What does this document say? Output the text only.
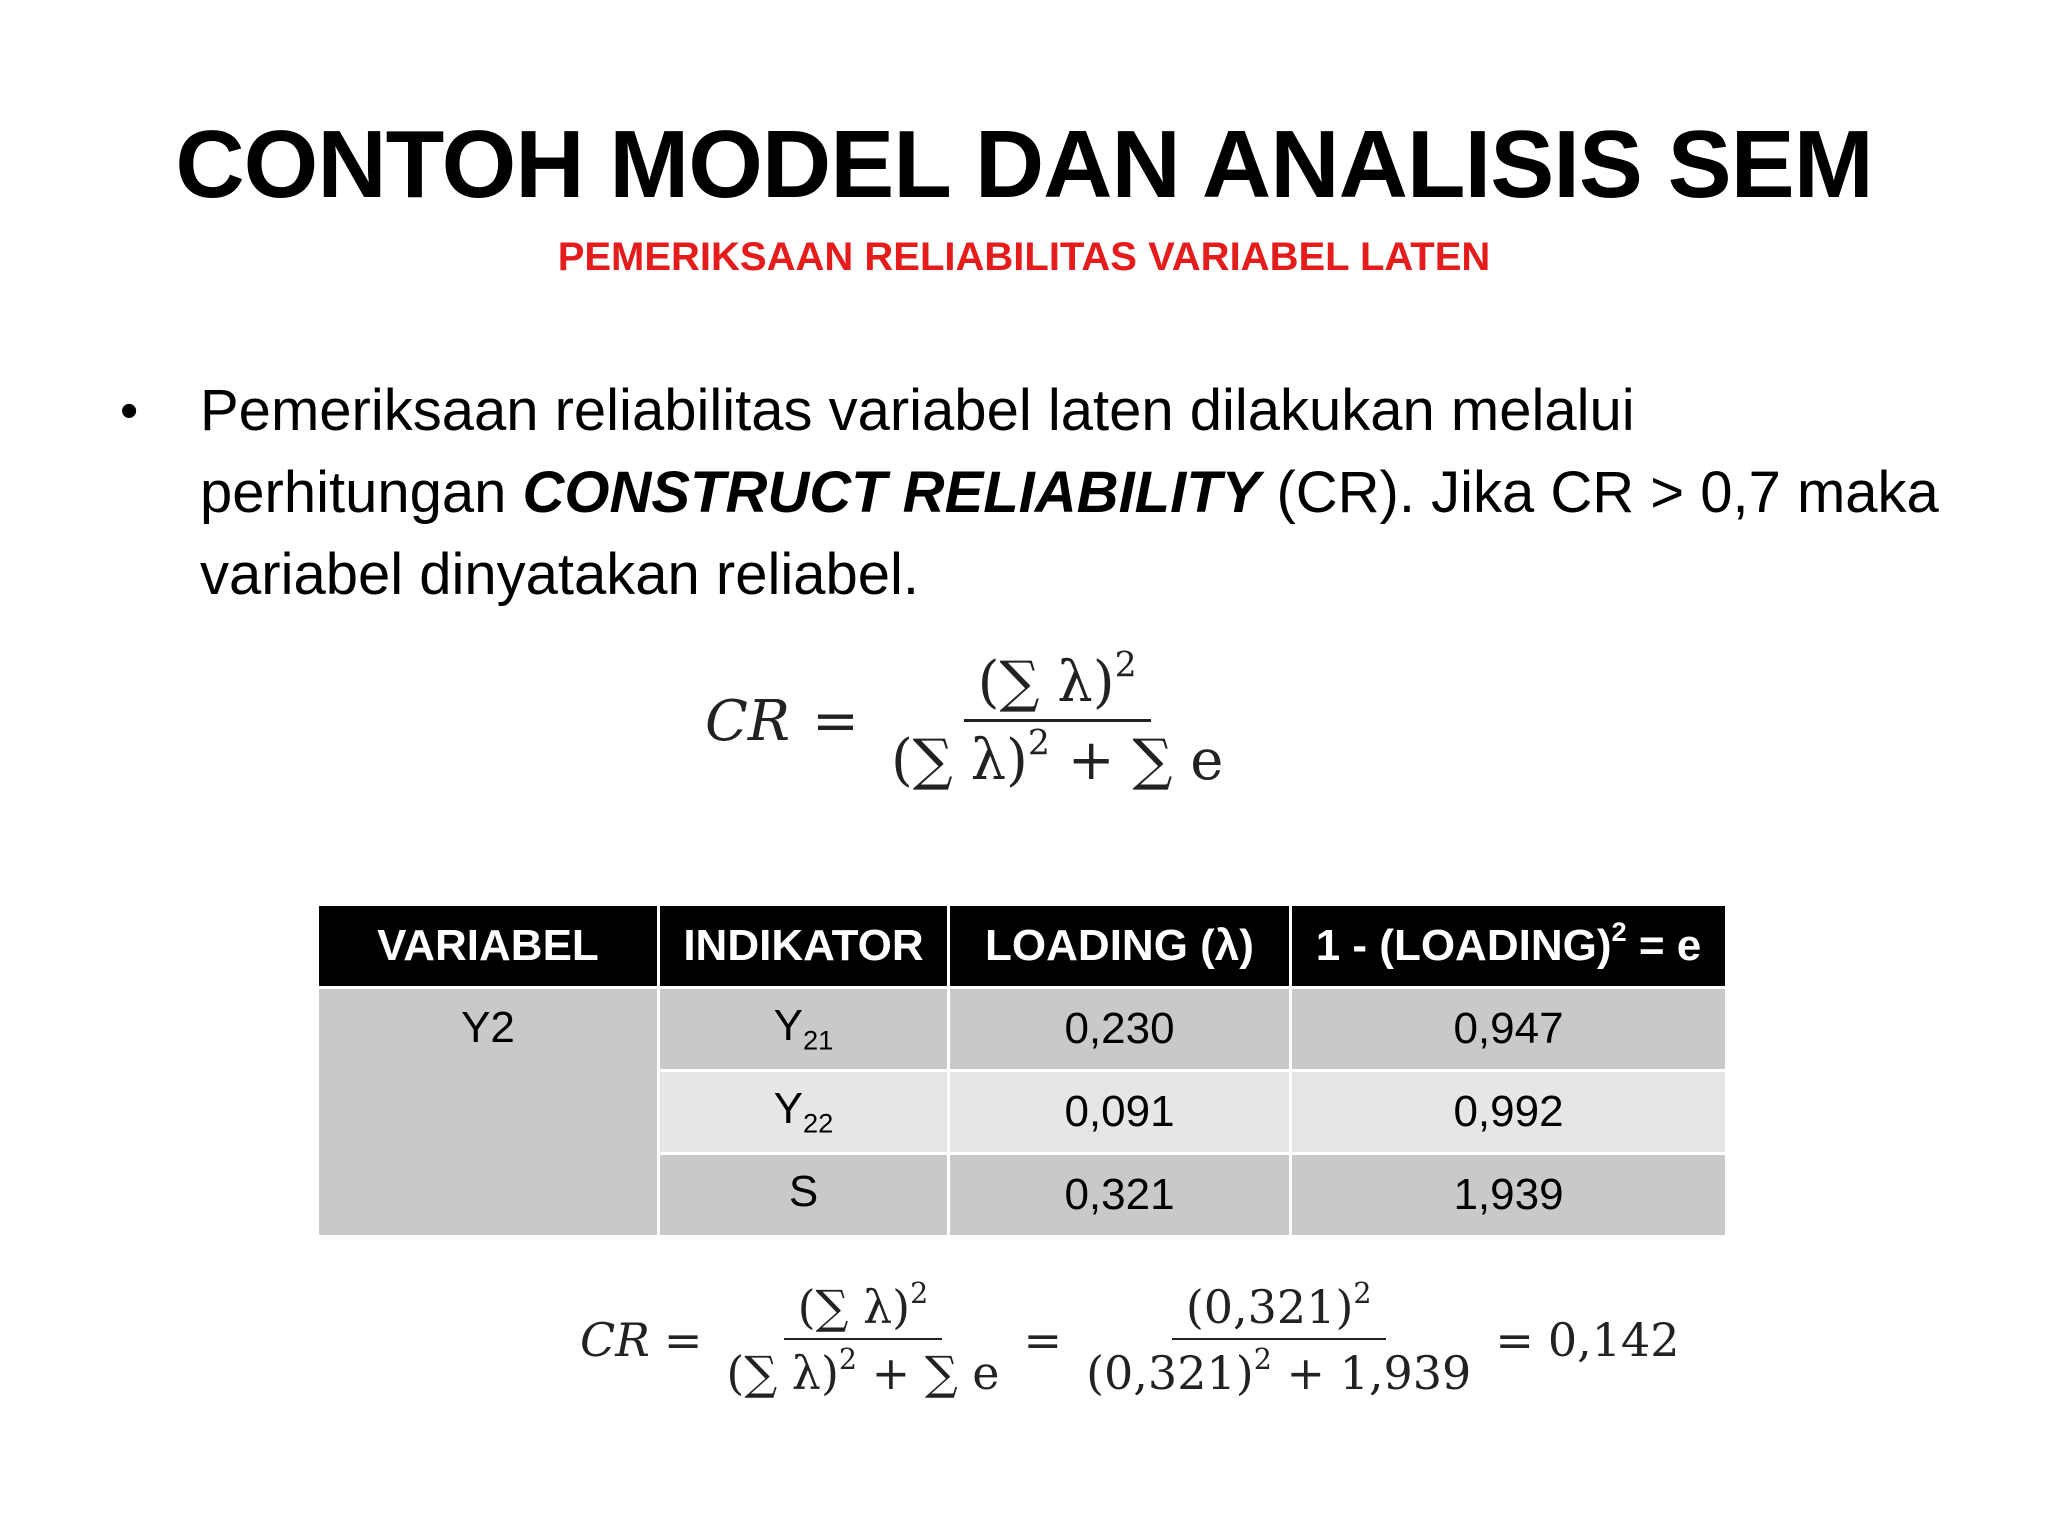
CONTOH MODEL DAN ANALISIS SEM
PEMERIKSAAN RELIABILITAS VARIABEL LATEN
•	Pemeriksaan reliabilitas variabel laten dilakukan melalui perhitungan CONSTRUCT RELIABILITY (CR). Jika CR > 0,7 maka variabel dinyatakan reliabel.
CR = $\frac{(\sum \lambda)^2}{(\sum \lambda)^2 + \sum e}$
VARIABEL	INDIKATOR	LOADING (λ)	1 - (LOADING)$^2$ = e
Y2	$Y_{21}$	0,230	0,947
	$Y_{22}$	0,091	0,992
	S	0,321	1,939
CR = $\frac{(\sum \lambda)^2}{(\sum \lambda)^2 + \sum e} = \frac{(0,321)^2}{(0,321)^2 + 1,939} = 0,142$
